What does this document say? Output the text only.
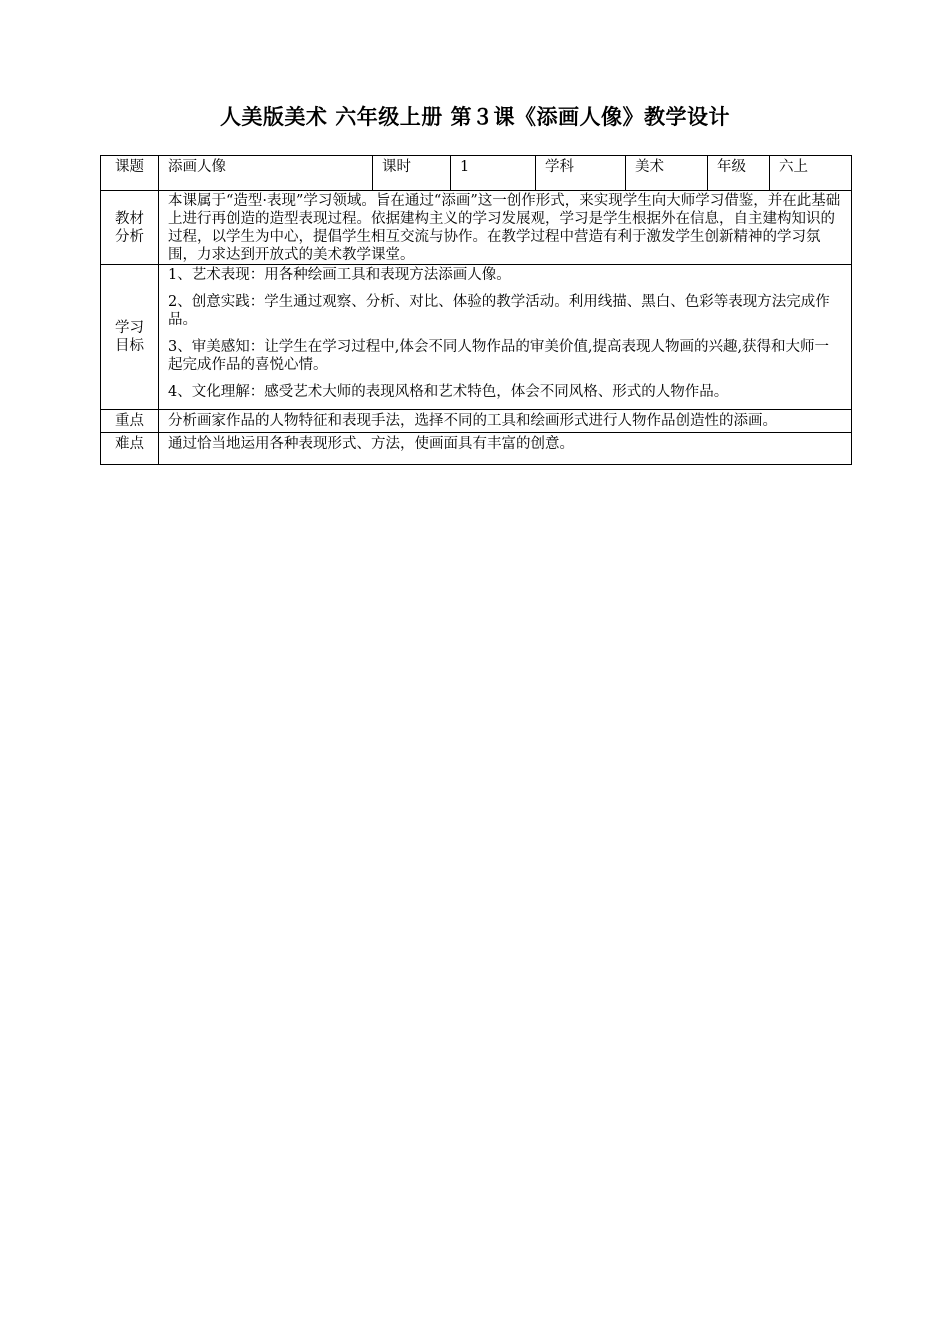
人美版美术 六年级上册 第３课《添画人像》教学设计
课题	添画人像	课时	1	学科	美术	年级	六上
教材分析	本课属于“造型·表现”学习领域。旨在通过“添画”这一创作形式，来实现学生向大师学习借鉴，并在此基础上进行再创造的造型表现过程。依据建构主义的学习发展观，学习是学生根据外在信息，自主建构知识的过程，以学生为中心，提倡学生相互交流与协作。在教学过程中营造有利于激发学生创新精神的学习氛围，力求达到开放式的美术教学课堂。						
学习目标	1、艺术表现：用各种绘画工具和表现方法添画人像。

2、创意实践：学生通过观察、分析、对比、体验的教学活动。利用线描、黑白、色彩等表现方法完成作品。

3、审美感知：让学生在学习过程中,体会不同人物作品的审美价值,提高表现人物画的兴趣,获得和大师一起完成作品的喜悦心情。

4、文化理解：感受艺术大师的表现风格和艺术特色，体会不同风格、形式的人物作品。						

重点	分析画家作品的人物特征和表现手法，选择不同的工具和绘画形式进行人物作品创造性的添画。						
难点	通过恰当地运用各种表现形式、方法，使画面具有丰富的创意。						
